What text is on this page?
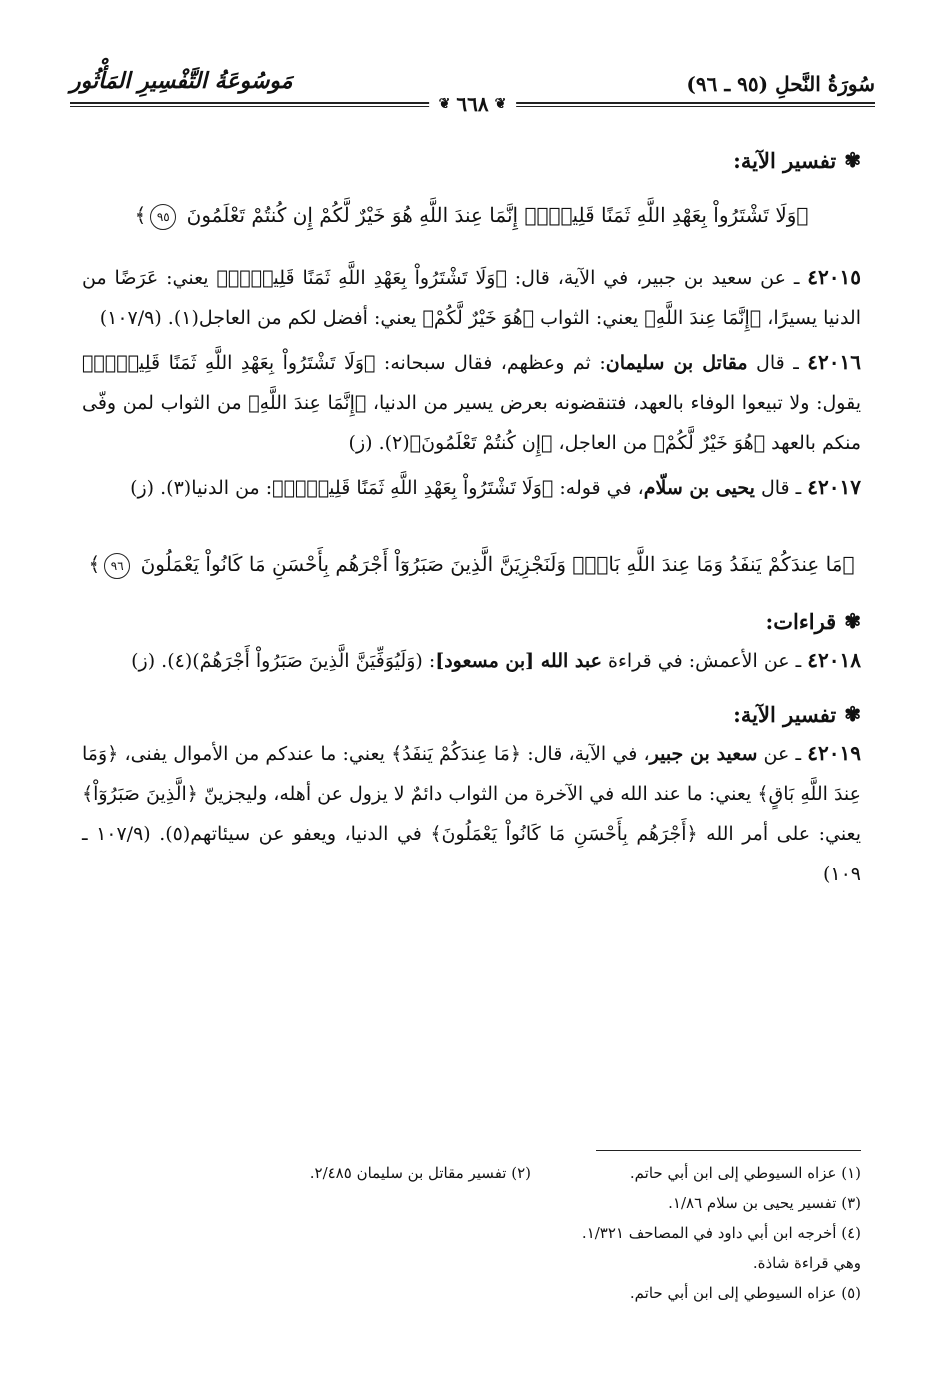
سُورَةُ النَّحلِ (٩٥ ـ ٩٦)
مَوسُوعَةُ التَّفْسِيرِ المَأْثُور
❦
٦٦٨
❦
✾
تفسير الآية:
﴿وَلَا تَشْتَرُواْ بِعَهْدِ اللَّهِ ثَمَنًا قَلِيلًاۚ إِنَّمَا عِندَ اللَّهِ هُوَ خَيْرٌ لَّكُمْ إِن كُنتُمْ تَعْلَمُونَ ٩٥﴾
٤٢٠١٥ ـ عن سعيد بن جبير، في الآية، قال: ﴿وَلَا تَشْتَرُواْ بِعَهْدِ اللَّهِ ثَمَنًا قَلِيلًاۚ﴾ يعني: عَرَضًا من الدنيا يسيرًا، ﴿إِنَّمَا عِندَ اللَّهِ﴾ يعني: الثواب ﴿هُوَ خَيْرٌ لَّكُمْ﴾ يعني: أفضل لكم من العاجل(١). (١٠٧/٩)
٤٢٠١٦ ـ قال مقاتل بن سليمان: ثم وعظهم، فقال سبحانه: ﴿وَلَا تَشْتَرُواْ بِعَهْدِ اللَّهِ ثَمَنًا قَلِيلًاۚ﴾ يقول: ولا تبيعوا الوفاء بالعهد، فتنقضونه بعرض يسير من الدنيا، ﴿إِنَّمَا عِندَ اللَّهِ﴾ من الثواب لمن وفّى منكم بالعهد ﴿هُوَ خَيْرٌ لَّكُمْ﴾ من العاجل، ﴿إِن كُنتُمْ تَعْلَمُونَ﴾(٢). (ز)
٤٢٠١٧ ـ قال يحيى بن سلّام، في قوله: ﴿وَلَا تَشْتَرُواْ بِعَهْدِ اللَّهِ ثَمَنًا قَلِيلًاۚ﴾: من الدنيا(٣). (ز)
﴿مَا عِندَكُمْ يَنفَدُ وَمَا عِندَ اللَّهِ بَاقٍۗ وَلَنَجْزِيَنَّ الَّذِينَ صَبَرُوٓاْ أَجْرَهُم بِأَحْسَنِ مَا كَانُواْ يَعْمَلُونَ ٩٦﴾
✾
قراءات:
٤٢٠١٨ ـ عن الأعمش: في قراءة عبد الله [بن مسعود]: (وَلَيُوَفِّيَنَّ الَّذِينَ صَبَرُواْ أَجْرَهُمْ)(٤). (ز)
✾
تفسير الآية:
٤٢٠١٩ ـ عن سعيد بن جبير، في الآية، قال: ﴿مَا عِندَكُمْ يَنفَدُ﴾ يعني: ما عندكم من الأموال يفنى، ﴿وَمَا عِندَ اللَّهِ بَاقٍ﴾ يعني: ما عند الله في الآخرة من الثواب دائمٌ لا يزول عن أهله، وليجزينّ ﴿الَّذِينَ صَبَرُوٓاْ﴾ يعني: على أمر الله ﴿أَجْرَهُم بِأَحْسَنِ مَا كَانُواْ يَعْمَلُونَ﴾ في الدنيا، ويعفو عن سيئاتهم(٥). (١٠٧/٩ ـ ١٠٩)
(١) عزاه السيوطي إلى ابن أبي حاتم.
(٢) تفسير مقاتل بن سليمان ٢/٤٨٥.
(٣) تفسير يحيى بن سلام ١/٨٦.
(٤) أخرجه ابن أبي داود في المصاحف ١/٣٢١.
وهي قراءة شاذة.
(٥) عزاه السيوطي إلى ابن أبي حاتم.
